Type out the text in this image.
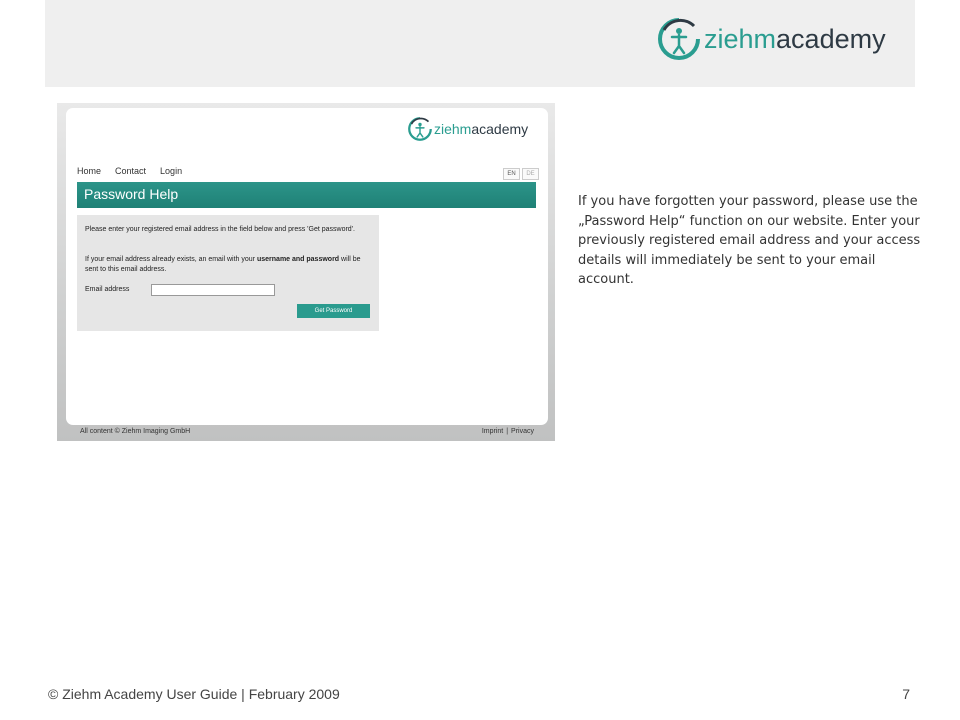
ziehm academy
ziehm academy
Home Contact Login	EN	DE
Password Help
Please enter your registered email address in the field below and press 'Get password'.
If your email address already exists, an email with your username and password will be sent to this email address.
Email address
Get Password
All content © Ziehm Imaging GmbH	Imprint | Privacy
If you have forgotten your password, please use the „Password Help“ function on our website. Enter your previously registered email address and your access details will immediately be sent to your email account.
© Ziehm Academy User Guide | February 2009	7
